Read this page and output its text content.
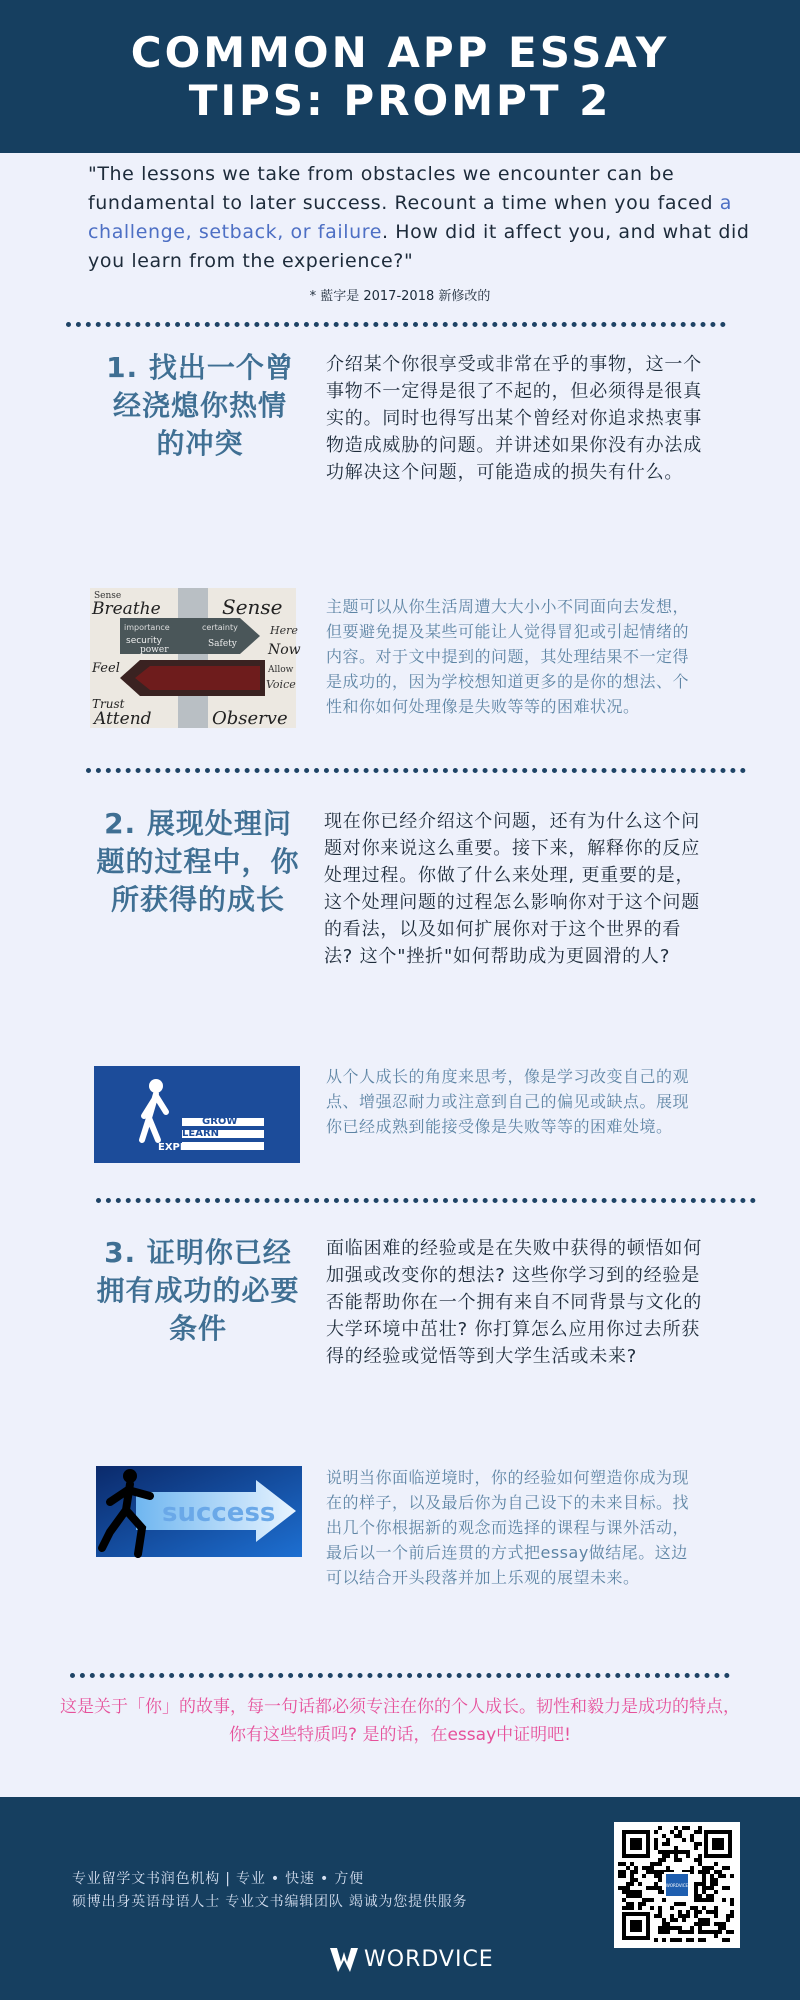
COMMON APP ESSAY TIPS: PROMPT 2
"The lessons we take from obstacles we encounter can be fundamental to later success. Recount a time when you faced a challenge, setback, or failure. How did it affect you, and what did you learn from the experience?"
* 藍字是 2017-2018 新修改的
1. 找出一个曾经浇熄你热情的冲突
介绍某个你很享受或非常在乎的事物，这一个事物不一定得是很了不起的，但必须得是很真实的。同时也得写出某个曾经对你追求热衷事物造成威胁的问题。并讲述如果你没有办法成功解决这个问题，可能造成的损失有什么。
Sense
Breathe	Sense
Here
importance	certainty
security	Safety
power	Now
Feel	Allow
Trust
Voice
Attend	Observe
主题可以从你生活周遭大大小小不同面向去发想，但要避免提及某些可能让人觉得冒犯或引起情绪的内容。对于文中提到的问题，其处理结果不一定得是成功的，因为学校想知道更多的是你的想法、个性和你如何处理像是失败等等的困难状况。
2. 展现处理问题的过程中，你所获得的成长
现在你已经介绍这个问题，还有为什么这个问题对你来说这么重要。接下来，解释你的反应处理过程。你做了什么来处理, 更重要的是，这个处理问题的过程怎么影响你对于这个问题的看法，以及如何扩展你对于这个世界的看法? 这个"挫折"如何帮助成为更圆滑的人?
GROW
LEARN
EXPLORE
从个人成长的角度来思考，像是学习改变自己的观点、增强忍耐力或注意到自己的偏见或缺点。展现你已经成熟到能接受像是失败等等的困难处境。
3. 证明你已经拥有成功的必要条件
面临困难的经验或是在失败中获得的顿悟如何加强或改变你的想法? 这些你学习到的经验是否能帮助你在一个拥有来自不同背景与文化的大学环境中茁壮? 你打算怎么应用你过去所获得的经验或觉悟等到大学生活或未来?
success
说明当你面临逆境时，你的经验如何塑造你成为现在的样子，以及最后你为自己设下的未来目标。找出几个你根据新的观念而选择的课程与课外活动，最后以一个前后连贯的方式把essay做结尾。这边可以结合开头段落并加上乐观的展望未来。
这是关于「你」的故事，每一句话都必须专注在你的个人成长。韧性和毅力是成功的特点，你有这些特质吗? 是的话，在essay中证明吧!
专业留学文书润色机构 | 专业 • 快速 • 方便
硕博出身英语母语人士 专业文书编辑团队 竭诚为您提供服务
WORDVICE
WORDVICE
